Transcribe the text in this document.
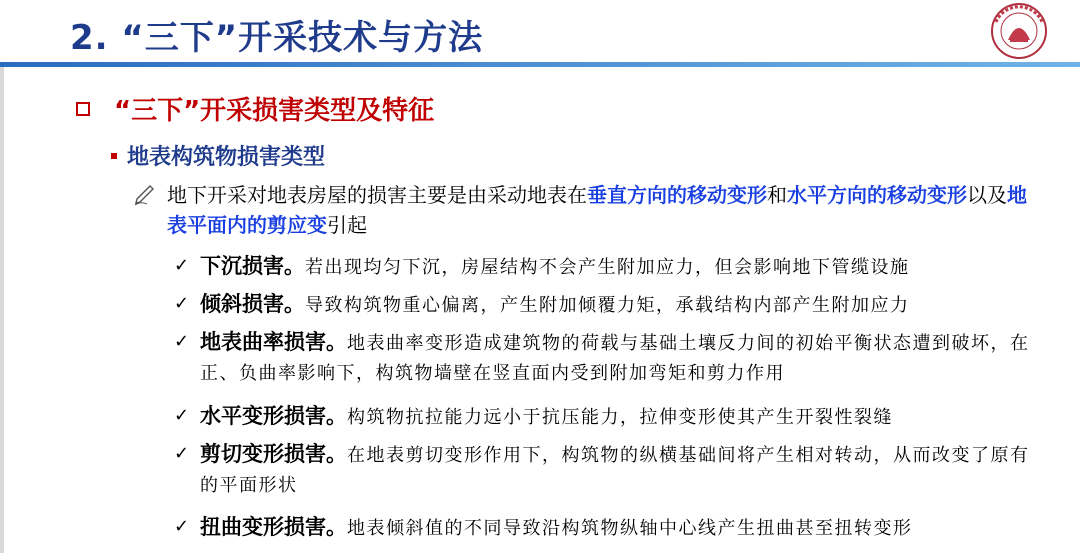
2. “三下”开采技术与方法
“三下”开采损害类型及特征
地表构筑物损害类型
地下开采对地表房屋的损害主要是由采动地表在垂直方向的移动变形和水平方向的移动变形以及地表平面内的剪应变引起
✓ 下沉损害。若出现均匀下沉，房屋结构不会产生附加应力，但会影响地下管缆设施
✓ 倾斜损害。导致构筑物重心偏离，产生附加倾覆力矩，承载结构内部产生附加应力
✓ 地表曲率损害。地表曲率变形造成建筑物的荷载与基础土壤反力间的初始平衡状态遭到破坏，在正、负曲率影响下，构筑物墙壁在竖直面内受到附加弯矩和剪力作用
✓ 水平变形损害。构筑物抗拉能力远小于抗压能力，拉伸变形使其产生开裂性裂缝
✓ 剪切变形损害。在地表剪切变形作用下，构筑物的纵横基础间将产生相对转动，从而改变了原有的平面形状
✓ 扭曲变形损害。地表倾斜值的不同导致沿构筑物纵轴中心线产生扭曲甚至扭转变形
